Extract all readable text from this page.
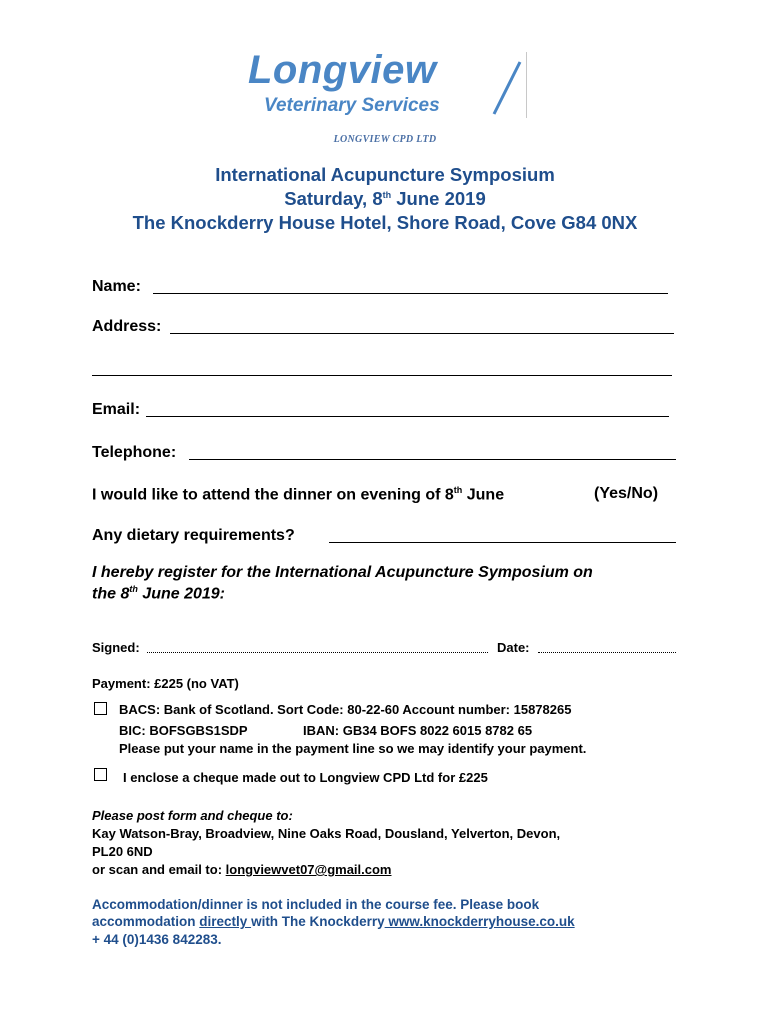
Longview
Veterinary Services
LONGVIEW CPD LTD
International Acupuncture Symposium
Saturday, 8th June 2019
The Knockderry House Hotel, Shore Road, Cove G84 0NX
Name:
Address:
Email:
Telephone:
I would like to attend the dinner on evening of 8th June	(Yes/No)
Any dietary requirements?
I hereby register for the International Acupuncture Symposium on
the 8th June 2019:
Signed:	Date:
Payment: £225 (no VAT)
BACS: Bank of Scotland. Sort Code: 80-22-60 Account number: 15878265
BIC: BOFSGBS1SDP	IBAN: GB34 BOFS 8022 6015 8782 65
Please put your name in the payment line so we may identify your payment.
I enclose a cheque made out to Longview CPD Ltd for £225
Please post form and cheque to:
Kay Watson-Bray, Broadview, Nine Oaks Road, Dousland, Yelverton, Devon,
PL20 6ND
or scan and email to: longviewvet07@gmail.com
Accommodation/dinner is not included in the course fee. Please book
accommodation directly with The Knockderry www.knockderryhouse.co.uk
+ 44 (0)1436 842283.
